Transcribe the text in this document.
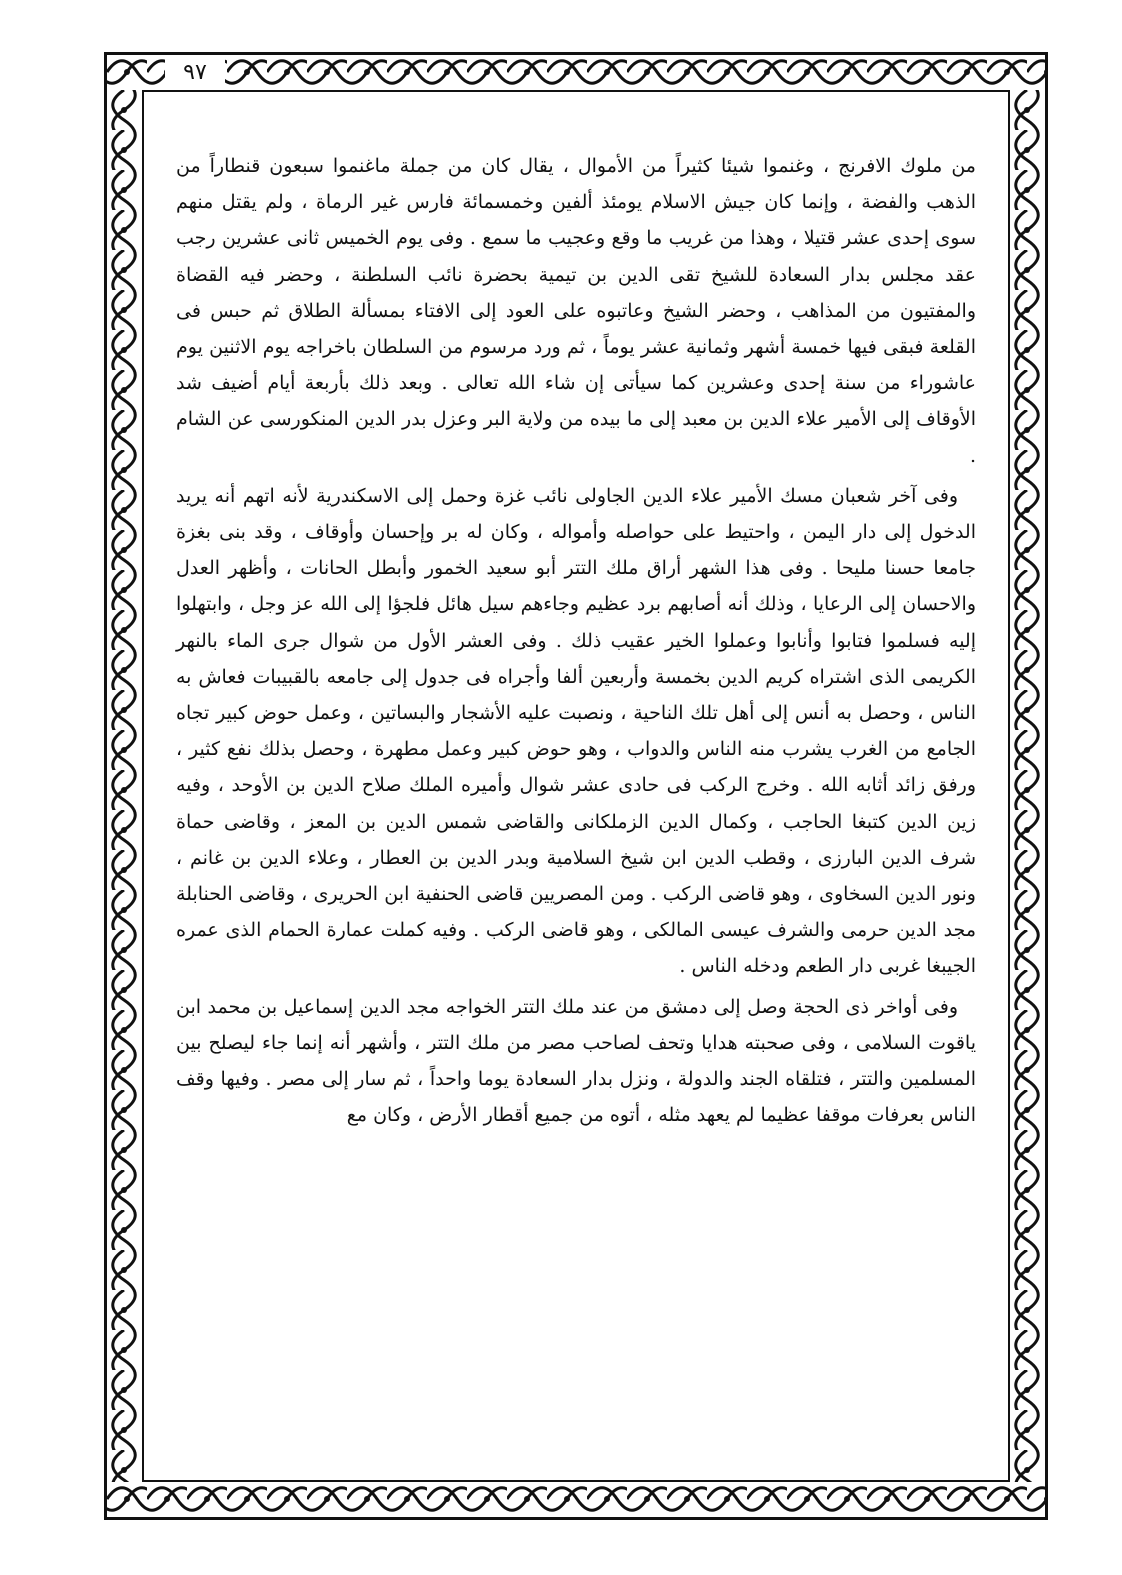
٩٧

من ملوك الافرنج ، وغنموا شيئا كثيراً من الأموال ، يقال كان من جملة ماغنموا سبعون قنطاراً من الذهب والفضة ، وإنما كان جيش الاسلام يومئذ ألفين وخمسمائة فارس غير الرماة ، ولم يقتل منهم سوى إحدى عشر قتيلا ، وهذا من غريب ما وقع وعجيب ما سمع . وفى يوم الخميس ثانى عشرين رجب عقد مجلس بدار السعادة للشيخ تقى الدين بن تيمية بحضرة نائب السلطنة ، وحضر فيه القضاة والمفتيون من المذاهب ، وحضر الشيخ وعاتبوه على العود إلى الافتاء بمسألة الطلاق ثم حبس فى القلعة فبقى فيها خمسة أشهر وثمانية عشر يوماً ، ثم ورد مرسوم من السلطان باخراجه يوم الاثنين يوم عاشوراء من سنة إحدى وعشرين كما سيأتى إن شاء الله تعالى . وبعد ذلك بأربعة أيام أضيف شد الأوقاف إلى الأمير علاء الدين بن معبد إلى ما بيده من ولاية البر وعزل بدر الدين المنكورسى عن الشام .

وفى آخر شعبان مسك الأمير علاء الدين الجاولى نائب غزة وحمل إلى الاسكندرية لأنه اتهم أنه يريد الدخول إلى دار اليمن ، واحتيط على حواصله وأمواله ، وكان له بر وإحسان وأوقاف ، وقد بنى بغزة جامعا حسنا مليحا . وفى هذا الشهر أراق ملك التتر أبو سعيد الخمور وأبطل الحانات ، وأظهر العدل والاحسان إلى الرعايا ، وذلك أنه أصابهم برد عظيم وجاءهم سيل هائل فلجؤا إلى الله عز وجل ، وابتهلوا إليه فسلموا فتابوا وأنابوا وعملوا الخير عقيب ذلك . وفى العشر الأول من شوال جرى الماء بالنهر الكريمى الذى اشتراه كريم الدين بخمسة وأربعين ألفا وأجراه فى جدول إلى جامعه بالقبيبات فعاش به الناس ، وحصل به أنس إلى أهل تلك الناحية ، ونصبت عليه الأشجار والبساتين ، وعمل حوض كبير تجاه الجامع من الغرب يشرب منه الناس والدواب ، وهو حوض كبير وعمل مطهرة ، وحصل بذلك نفع كثير ، ورفق زائد أثابه الله . وخرج الركب فى حادى عشر شوال وأميره الملك صلاح الدين بن الأوحد ، وفيه زين الدين كتبغا الحاجب ، وكمال الدين الزملكانى والقاضى شمس الدين بن المعز ، وقاضى حماة شرف الدين البارزى ، وقطب الدين ابن شيخ السلامية وبدر الدين بن العطار ، وعلاء الدين بن غانم ، ونور الدين السخاوى ، وهو قاضى الركب . ومن المصريين قاضى الحنفية ابن الحريرى ، وقاضى الحنابلة مجد الدين حرمى والشرف عيسى المالكى ، وهو قاضى الركب . وفيه كملت عمارة الحمام الذى عمره الجيبغا غربى دار الطعم ودخله الناس .

وفى أواخر ذى الحجة وصل إلى دمشق من عند ملك التتر الخواجه مجد الدين إسماعيل بن محمد ابن ياقوت السلامى ، وفى صحبته هدايا وتحف لصاحب مصر من ملك التتر ، وأشهر أنه إنما جاء ليصلح بين المسلمين والتتر ، فتلقاه الجند والدولة ، ونزل بدار السعادة يوما واحداً ، ثم سار إلى مصر . وفيها وقف الناس بعرفات موقفا عظيما لم يعهد مثله ، أتوه من جميع أقطار الأرض ، وكان مع
